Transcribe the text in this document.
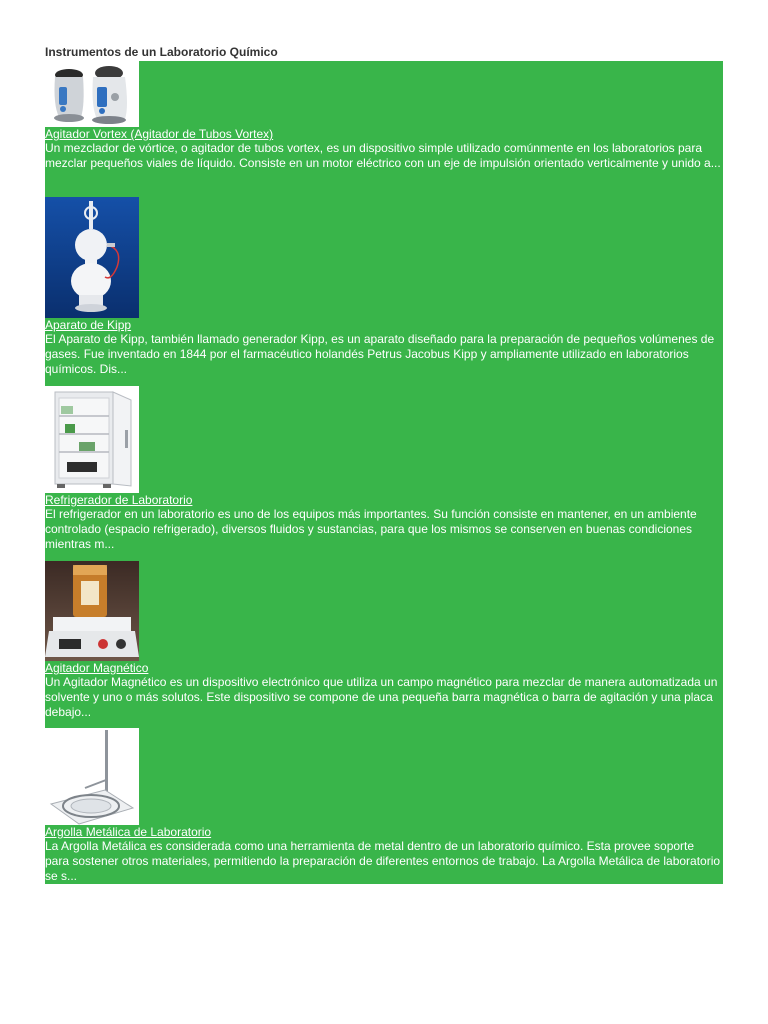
Instrumentos de un Laboratorio Químico
Agitador Vortex (Agitador de Tubos Vortex)

Un mezclador de vórtice, o agitador de tubos vortex, es un dispositivo simple utilizado comúnmente en los laboratorios para mezclar pequeños viales de líquido. Consiste en un motor eléctrico con un eje de impulsión orientado verticalmente y unido a...

Aparato de Kipp

El Aparato de Kipp, también llamado generador Kipp, es un aparato diseñado para la preparación de pequeños volúmenes de gases. Fue inventado en 1844 por el farmacéutico holandés Petrus Jacobus Kipp y ampliamente utilizado en laboratorios químicos. Dis...

Refrigerador de Laboratorio

El refrigerador en un laboratorio es uno de los equipos más importantes. Su función consiste en mantener, en un ambiente controlado (espacio refrigerado), diversos fluidos y sustancias, para que los mismos se conserven en buenas condiciones mientras m...

Agitador Magnético

Un Agitador Magnético es un dispositivo electrónico que utiliza un campo magnético para mezclar de manera automatizada un solvente y uno o más solutos. Este dispositivo se compone de una pequeña barra magnética o barra de agitación y una placa debajo...

Argolla Metálica de Laboratorio

La Argolla Metálica es considerada como una herramienta de metal dentro de un laboratorio químico. Esta provee soporte para sostener otros materiales, permitiendo la preparación de diferentes entornos de trabajo. La Argolla Metálica de laboratorio se s...
